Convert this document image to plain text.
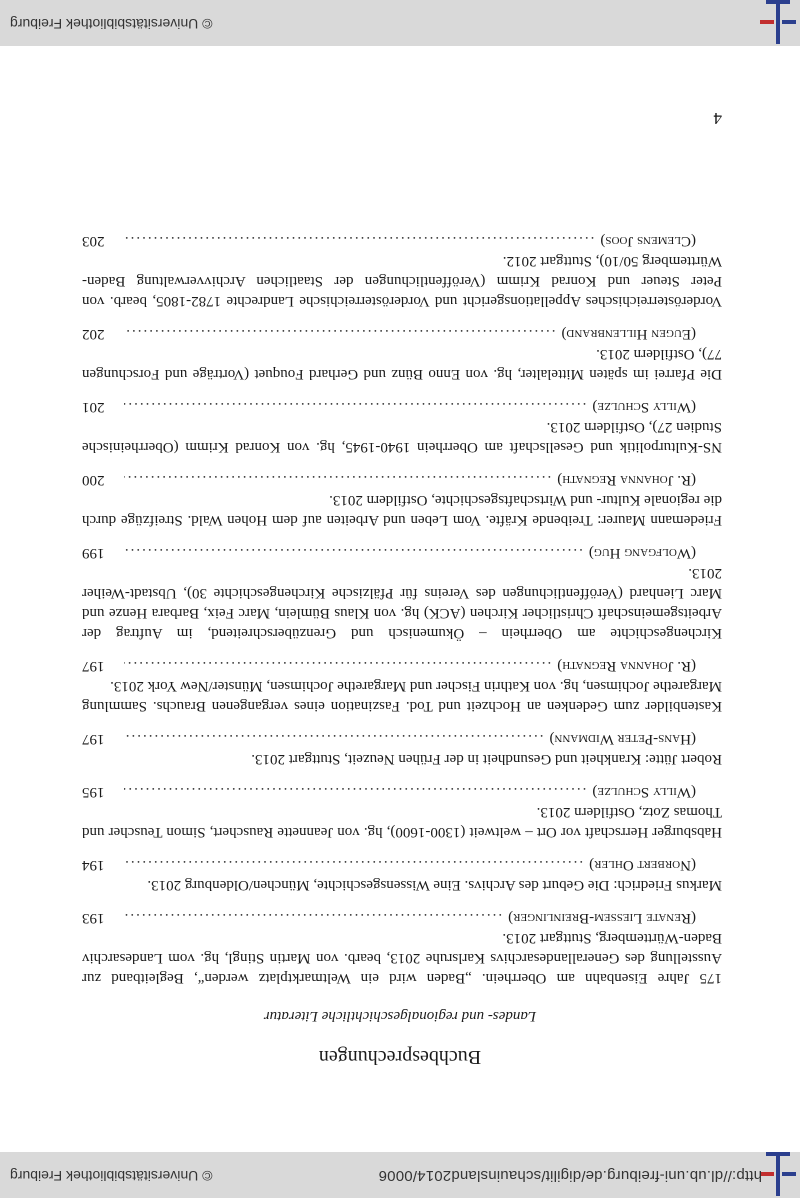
http://dl.ub.uni-freiburg.de/digilit/schauinsland2014/0006
© Universitätsbibliothek Freiburg
Buchbesprechungen
Landes- und regionalgeschichtliche Literatur
175 Jahre Eisenbahn am Oberrhein. „Baden wird ein Weltmarktplatz werden“, Begleitband zur Ausstellung des Generallandesarchivs Karlsruhe 2013, bearb. von Martin Stingl, hg. vom Landesarchiv Baden-Württemberg, Stuttgart 2013.
(Renate Liessem-Breinlinger)
.....
193
Markus Friedrich: Die Geburt des Archivs. Eine Wissensgeschichte, München/Oldenburg 2013.
(Norbert Ohler)
.....
194
Habsburger Herrschaft vor Ort – weltweit (1300-1600), hg. von Jeannette Rauschert, Simon Teuscher und Thomas Zotz, Ostfildern 2013.
(Willy Schulze)
.....
195
Robert Jütte: Krankheit und Gesundheit in der Frühen Neuzeit, Stuttgart 2013.
(Hans-Peter Widmann)
.....
197
Kastenbilder zum Gedenken an Hochzeit und Tod. Faszination eines vergangenen Brauchs. Sammlung Margarethe Jochimsen, hg. von Kathrin Fischer und Margarethe Jochimsen, Münster/New York 2013.
(R. Johanna Regnath)
.....
197
Kirchengeschichte am Oberrhein – Ökumenisch und Grenzüberschreitend, im Auftrag der Arbeitsgemeinschaft Christlicher Kirchen (ACK) hg. von Klaus Bümlein, Marc Feix, Barbara Henze und Marc Lienhard (Veröffentlichungen des Vereins für Pfälzische Kirchengeschichte 30), Ubstadt-Weiher 2013.
(Wolfgang Hug)
.....
199
Friedemann Maurer: Treibende Kräfte. Vom Leben und Arbeiten auf dem Hohen Wald. Streifzüge durch die regionale Kultur- und Wirtschaftsgeschichte, Ostfildern 2013.
(R. Johanna Regnath)
.....
200
NS-Kulturpolitik und Gesellschaft am Oberrhein 1940-1945, hg. von Konrad Krimm (Oberrheinische Studien 27), Ostfildern 2013.
(Willy Schulze)
.....
201
Die Pfarrei im späten Mittelalter, hg. von Enno Bünz und Gerhard Fouquet (Vorträge und Forschungen 77), Ostfildern 2013.
(Eugen Hillenbrand)
.....
202
Vorderösterreichisches Appellationsgericht und Vorderösterreichische Landrechte 1782-1805, bearb. von Peter Steuer und Konrad Krimm (Veröffentlichungen der Staatlichen Archivverwaltung Baden-Württemberg 50/10), Stuttgart 2012.
(Clemens Joos)
.....
203
4
© Universitätsbibliothek Freiburg
